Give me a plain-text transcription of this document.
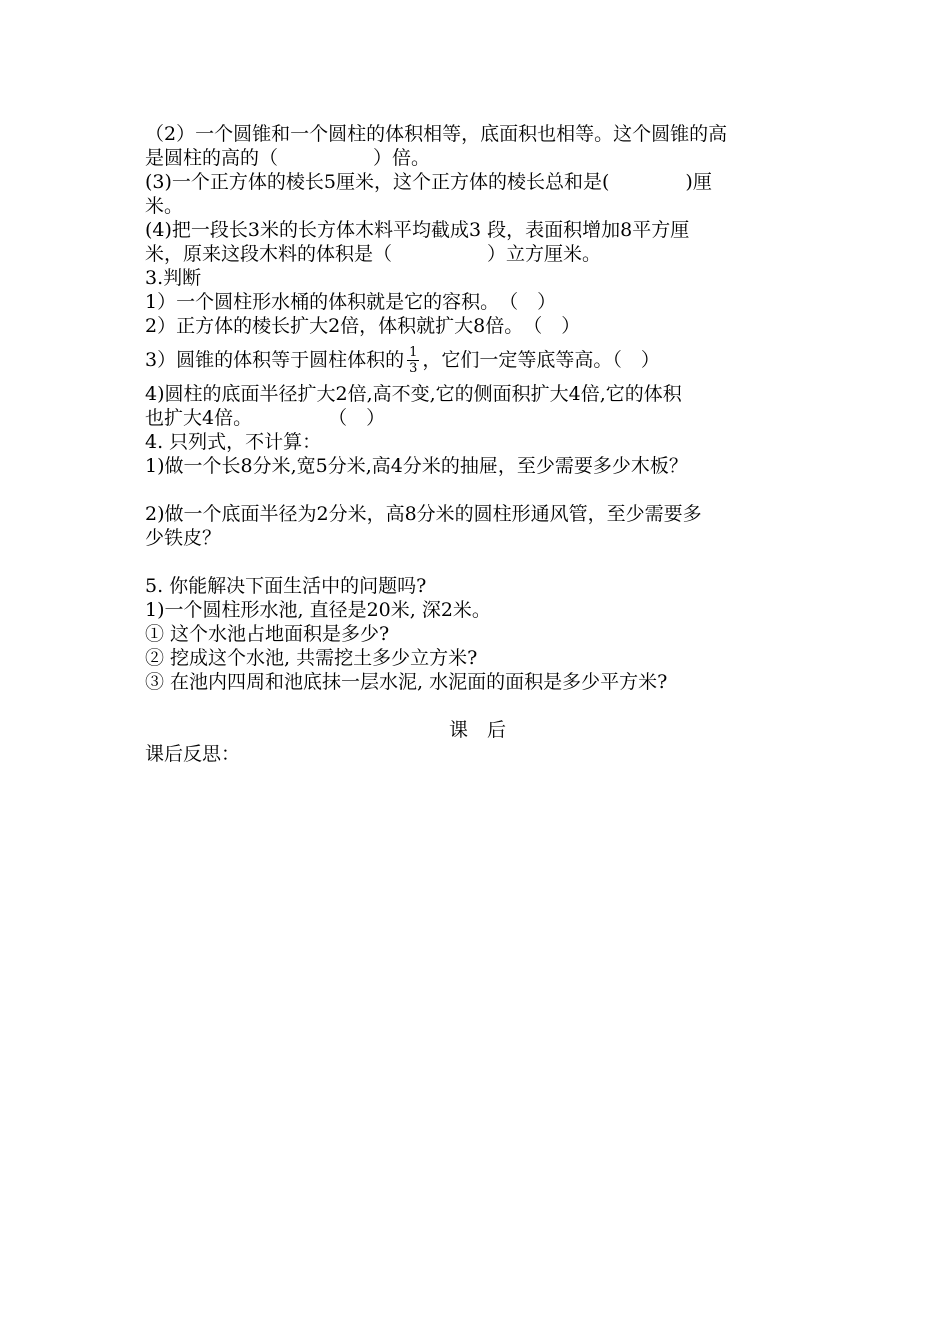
（2）一个圆锥和一个圆柱的体积相等，底面积也相等。这个圆锥的高
是圆柱的高的（　　　　　）倍。
(3)一个正方体的棱长5厘米，这个正方体的棱长总和是(　　　　)厘
米。
(4)把一段长3米的长方体木料平均截成3 段，表面积增加8平方厘
米，原来这段木料的体积是（　　　　　）立方厘米。
3.判断
1）一个圆柱形水桶的体积就是它的容积。　（　）
2）正方体的棱长扩大2倍，体积就扩大8倍。　（　）
3）圆锥的体积等于圆柱体积的 $\frac{1}{3}$ ，它们一定等底等高。（　）
4)圆柱的底面半径扩大2倍,高不变,它的侧面积扩大4倍,它的体积
也扩大4倍。　　　　　（　）
4. 只列式，不计算：
1)做一个长8分米,宽5分米,高4分米的抽屉，至少需要多少木板？
2)做一个底面半径为2分米，高8分米的圆柱形通风管，至少需要多
少铁皮？
5. 你能解决下面生活中的问题吗?
1)一个圆柱形水池, 直径是20米, 深2米。
① 这个水池占地面积是多少?
② 挖成这个水池, 共需挖土多少立方米?
③ 在池内四周和池底抹一层水泥, 水泥面的面积是多少平方米?
课　后
课后反思：
